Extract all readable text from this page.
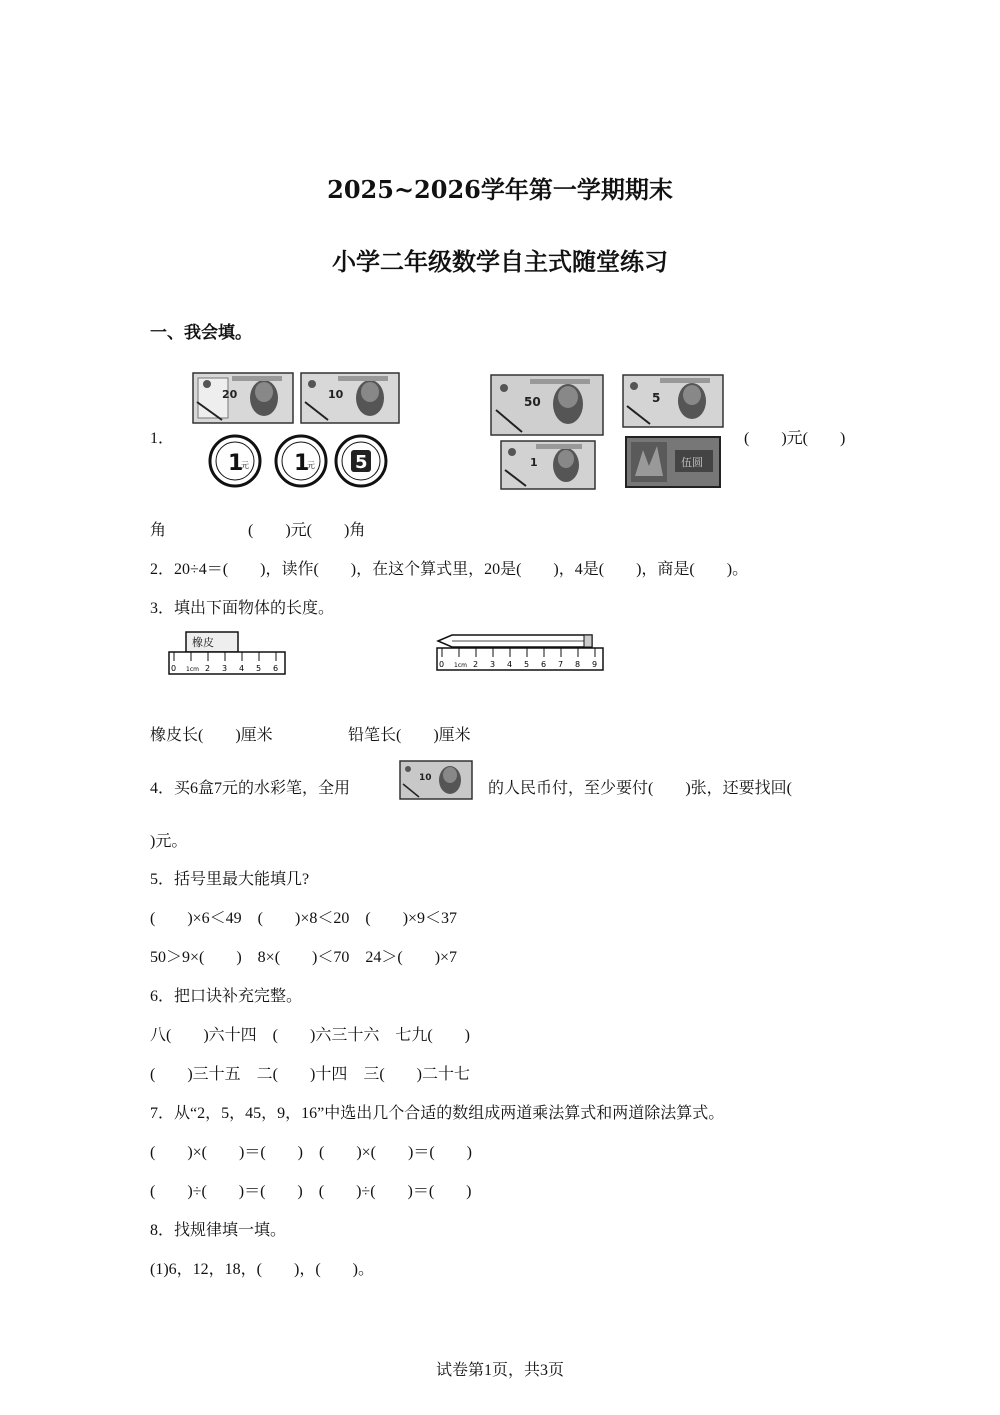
2025~2026学年第一学期期末
小学二年级数学自主式随堂练习
一、我会填。
1．
20	10
1
元 1
元 5
50	5
1	伍圆
(　　)元(　　)
角	(　　)元(　　)角
2．20÷4＝(　　)，读作(　　)，在这个算式里，20是(　　)，4是(　　)，商是(　　)。
3．填出下面物体的长度。
橡皮
0 1cm 2 3 4 5 6	0 1cm 2 3 4 5 6 7 8 9
橡皮长(　　)厘米	铅笔长(　　)厘米
4．买6盒7元的水彩笔，全用
10
的人民币付，至少要付(　　)张，还要找回(
)元。
5．括号里最大能填几?
(　　)×6＜49　(　　)×8＜20　(　　)×9＜37
50＞9×(　　)　8×(　　)＜70　24＞(　　)×7
6．把口诀补充完整。
八(　　)六十四　(　　)六三十六　七九(　　)
(　　)三十五　二(　　)十四　三(　　)二十七
7．从“2，5，45，9，16”中选出几个合适的数组成两道乘法算式和两道除法算式。
(　　)×(　　)＝(　　)　(　　)×(　　)＝(　　)
(　　)÷(　　)＝(　　)　(　　)÷(　　)＝(　　)
8．找规律填一填。
(1)6，12，18，(　　)，(　　)。
试卷第1页，共3页
